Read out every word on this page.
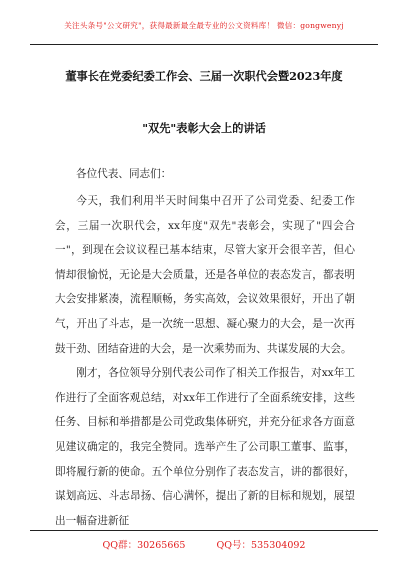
关注头条号"公文研究"，获得最新最全最专业的公文资料库！ 微信：gongwenyj
董事长在党委纪委工作会、三届一次职代会暨2023年度
"双先"表彰大会上的讲话
各位代表、同志们：

今天，我们利用半天时间集中召开了公司党委、纪委工作会，三届一次职代会，xx年度"双先"表彰会，实现了"四会合一"，到现在会议议程已基本结束，尽管大家开会很辛苦，但心情却很愉悦，无论是大会质量，还是各单位的表态发言，都表明大会安排紧凑，流程顺畅，务实高效，会议效果很好，开出了朝气，开出了斗志，是一次统一思想、凝心聚力的大会，是一次再鼓干劲、团结奋进的大会，是一次乘势而为、共谋发展的大会。

刚才，各位领导分别代表公司作了相关工作报告，对xx年工作进行了全面客观总结，对xx年工作进行了全面系统安排，这些任务、目标和举措都是公司党政集体研究，并充分征求各方面意见建议确定的，我完全赞同。选举产生了公司职工董事、监事，即将履行新的使命。五个单位分别作了表态发言，讲的都很好，谋划高远、斗志昂扬、信心满怀，提出了新的目标和规划，展望出一幅奋进新征

QQ群：30265665	QQ号：535304092
